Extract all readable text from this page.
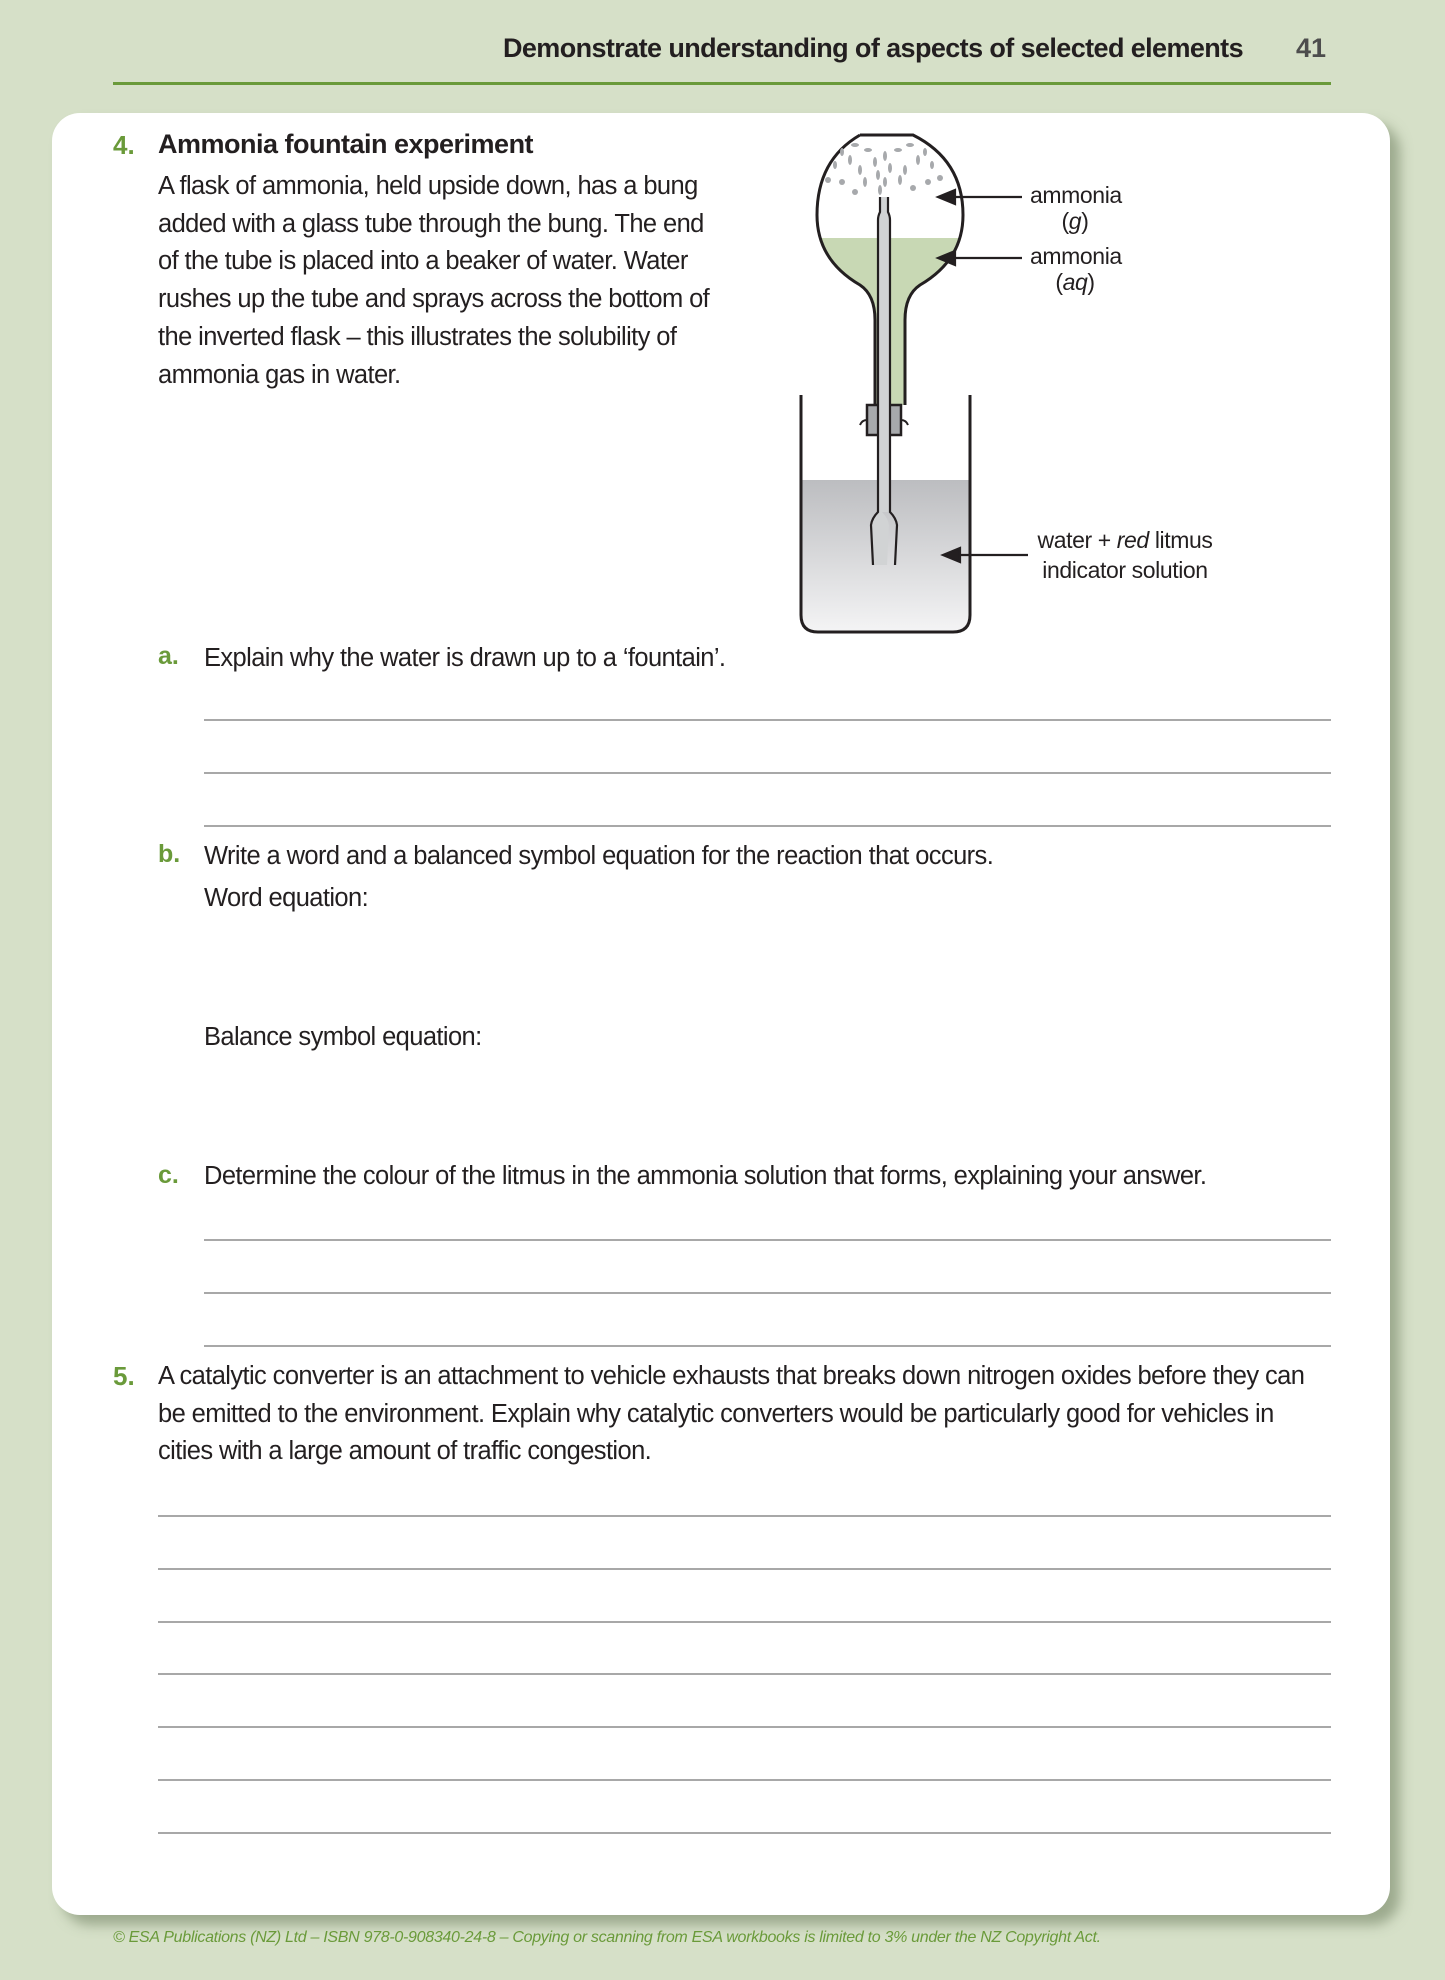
Demonstrate understanding of aspects of selected elements 41
4. Ammonia fountain experiment
A flask of ammonia, held upside down, has a bung
added with a glass tube through the bung. The end
of the tube is placed into a beaker of water. Water
rushes up the tube and sprays across the bottom of
the inverted flask – this illustrates the solubility of
ammonia gas in water.
ammonia
(g)
ammonia
(aq)
water + red litmus
indicator solution
a. Explain why the water is drawn up to a ‘fountain’.
b. Write a word and a balanced symbol equation for the reaction that occurs.
Word equation:
Balance symbol equation:
c. Determine the colour of the litmus in the ammonia solution that forms, explaining your answer.
5. A catalytic converter is an attachment to vehicle exhausts that breaks down nitrogen oxides before they can
be emitted to the environment. Explain why catalytic converters would be particularly good for vehicles in
cities with a large amount of traffic congestion.
© ESA Publications (NZ) Ltd – ISBN 978-0-908340-24-8 – Copying or scanning from ESA workbooks is limited to 3% under the NZ Copyright Act.
